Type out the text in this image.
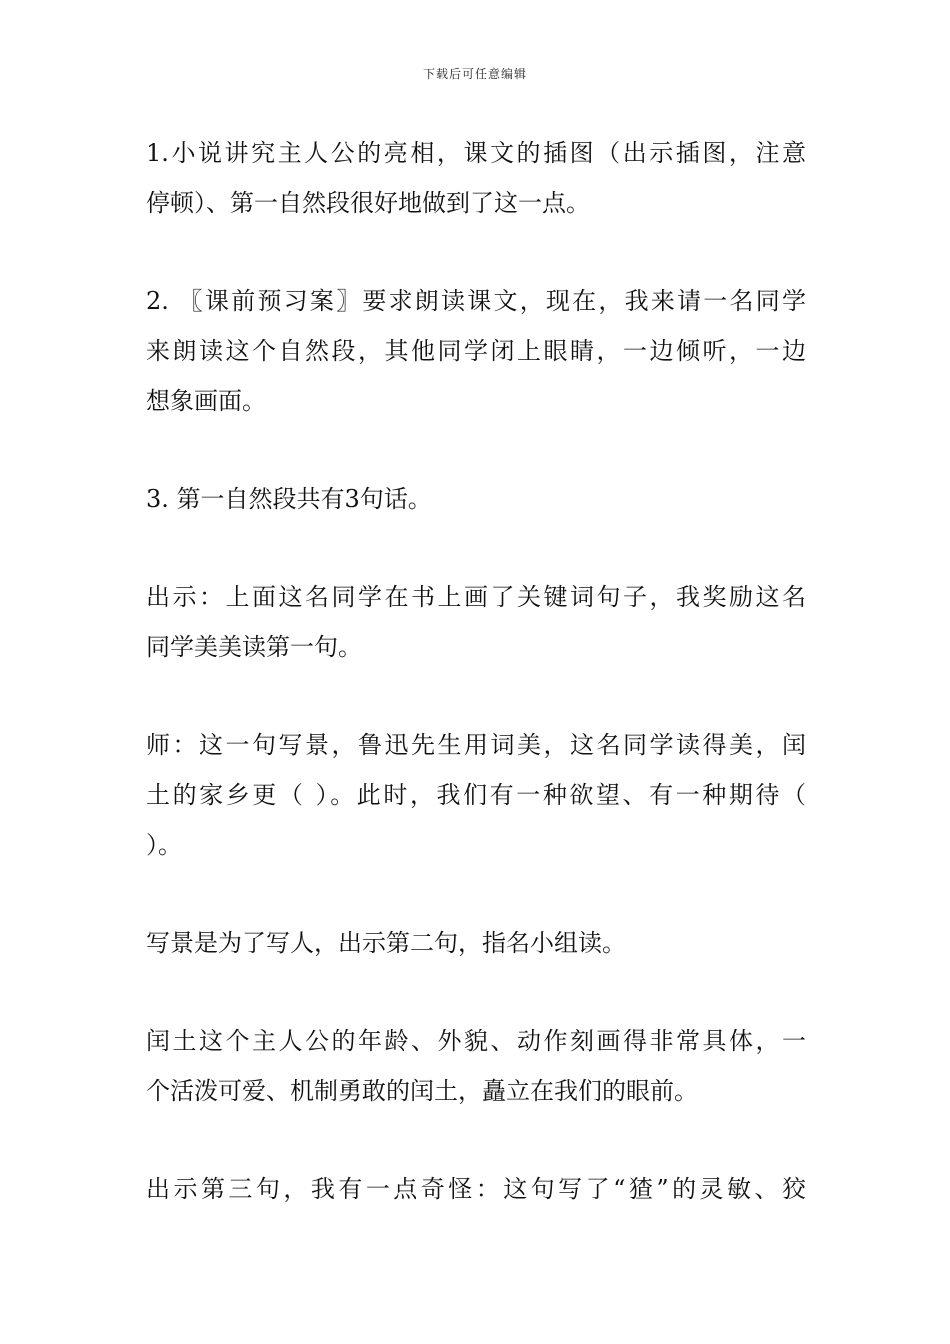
下载后可任意编辑
1.小说讲究主人公的亮相，课文的插图（出示插图，注意
停顿）、第一自然段很好地做到了这一点。
2. 〖课前预习案〗要求朗读课文，现在，我来请一名同学
来朗读这个自然段，其他同学闭上眼睛，一边倾听，一边
想象画面。
3. 第一自然段共有3句话。
出示：上面这名同学在书上画了关键词句子，我奖励这名
同学美美读第一句。
师：这一句写景，鲁迅先生用词美，这名同学读得美，闰
土的家乡更（ ）。此时，我们有一种欲望、有一种期待（
）。
写景是为了写人，出示第二句，指名小组读。
闰土这个主人公的年龄、外貌、动作刻画得非常具体，一
个活泼可爱、机制勇敢的闰土，矗立在我们的眼前。
出示第三句，我有一点奇怪：这句写了“猹”的灵敏、狡
